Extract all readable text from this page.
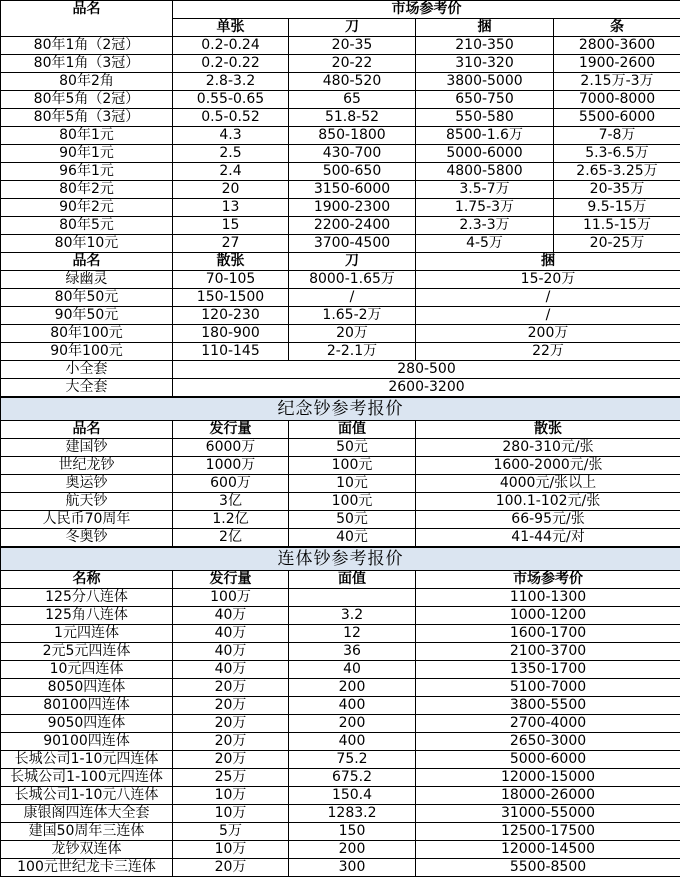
品名	市场参考价			
	单张	刀	捆	条
80年1角（2冠）	0.2-0.24	20-35	210-350	2800-3600
80年1角（3冠）	0.2-0.22	20-22	310-320	1900-2600
80年2角	2.8-3.2	480-520	3800-5000	2.15万-3万
80年5角（2冠）	0.55-0.65	65	650-750	7000-8000
80年5角（3冠）	0.5-0.52	51.8-52	550-580	5500-6000
80年1元	4.3	850-1800	8500-1.6万	7-8万
90年1元	2.5	430-700	5000-6000	5.3-6.5万
96年1元	2.4	500-650	4800-5800	2.65-3.25万
80年2元	20	3150-6000	3.5-7万	20-35万
90年2元	13	1900-2300	1.75-3万	9.5-15万
80年5元	15	2200-2400	2.3-3万	11.5-15万
80年10元	27	3700-4500	4-5万	20-25万
品名	散张	刀	捆	
绿幽灵	70-105	8000-1.65万	15-20万	
80年50元	150-1500	/	/	
90年50元	120-230	1.65-2万	/	
80年100元	180-900	20万	200万	
90年100元	110-145	2-2.1万	22万	
小全套	280-500			
大全套	2600-3200			
纪念钞参考报价				
品名	发行量	面值	散张	
建国钞	6000万	50元	280-310元/张	
世纪龙钞	1000万	100元	1600-2000元/张	
奥运钞	600万	10元	4000元/张以上	
航天钞	3亿	100元	100.1-102元/张	
人民币70周年	1.2亿	50元	66-95元/张	
冬奥钞	2亿	40元	41-44元/对	
连体钞参考报价				
名称	发行量	面值	市场参考价	
125分八连体	100万		1100-1300	
125角八连体	40万	3.2	1000-1200	
1元四连体	40万	12	1600-1700	
2元5元四连体	40万	36	2100-3700	
10元四连体	40万	40	1350-1700	
8050四连体	20万	200	5100-7000	
80100四连体	20万	400	3800-5500	
9050四连体	20万	200	2700-4000	
90100四连体	20万	400	2650-3000	
长城公司1-10元四连体	20万	75.2	5000-6000	
长城公司1-100元四连体	25万	675.2	12000-15000	
长城公司1-10元八连体	10万	150.4	18000-26000	
康银阁四连体大全套	10万	1283.2	31000-55000	
建国50周年三连体	5万	150	12500-17500	
龙钞双连体	10万	200	12000-14500	
100元世纪龙卡三连体	20万	300	5500-8500	
